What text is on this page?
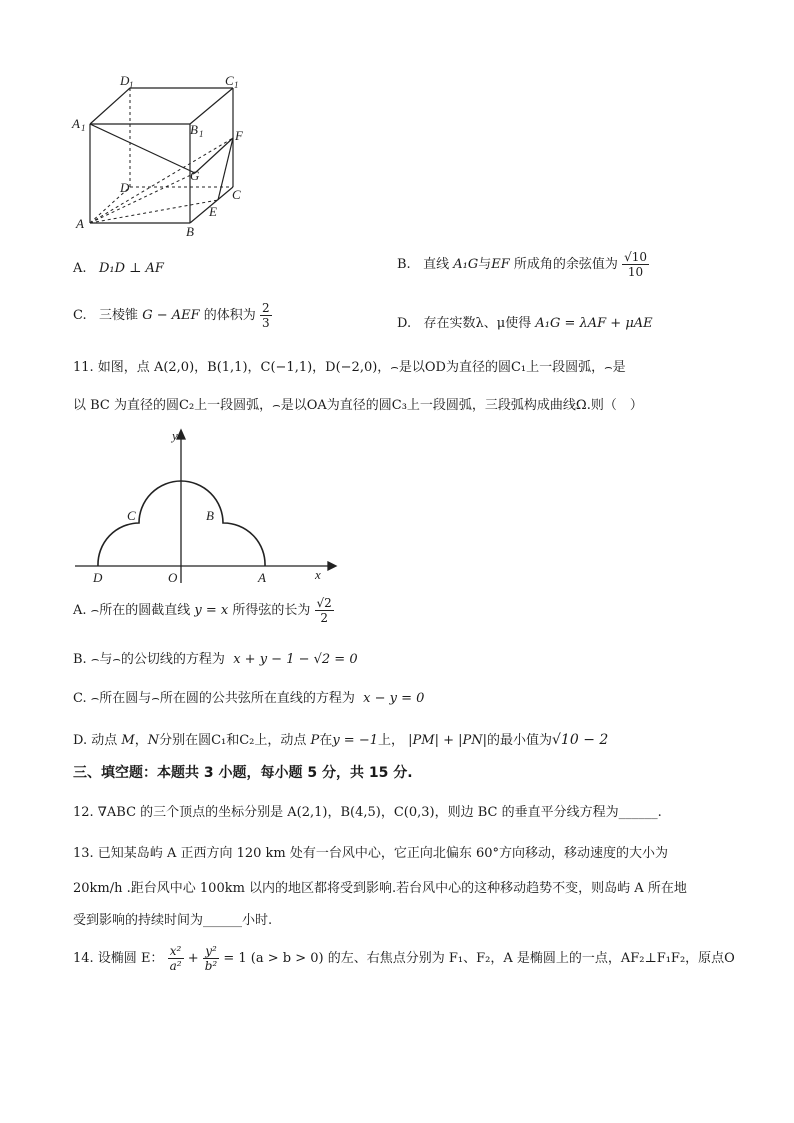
D 1	C 1
A 1	B 1 F
G
D	C
E
A
B
A. D₁D ⊥ AF	B. 直线 A₁G与EF 所成角的余弦值为 $\frac{√10}{10}$
C. 三棱锥 G − AEF 的体积为 $\frac{2}{3}$	D. 存在实数λ、μ使得 A₁G = λAF + μAE
11. 如图，点 A(2,0)，B(1,1)，C(−1,1)，D(−2,0)，⌢是以OD为直径的圆C₁上一段圆弧，⌢是
以 BC 为直径的圆C₂上一段圆弧，⌢是以OA为直径的圆C₃上一段圆弧，三段弧构成曲线Ω.则（　）
y
x
C	B
D	O	A
A. ⌢所在的圆截直线 y = x 所得弦的长为 $\frac{√2}{2}$
B. ⌢与⌢的公切线的方程为 x + y − 1 − √2 = 0
C. ⌢所在圆与⌢所在圆的公共弦所在直线的方程为 x − y = 0
D. 动点 M，N分别在圆C₁和C₂上，动点 P在y = −1上， |PM| + |PN|的最小值为√10 − 2
三、填空题：本题共 3 小题，每小题 5 分，共 15 分.
12. ∇ABC 的三个顶点的坐标分别是 A(2,1)，B(4,5)，C(0,3)，则边 BC 的垂直平分线方程为______.
13. 已知某岛屿 A 正西方向 120 km 处有一台风中心，它正向北偏东 60°方向移动，移动速度的大小为
20km/h .距台风中心 100km 以内的地区都将受到影响.若台风中心的这种移动趋势不变，则岛屿 A 所在地
受到影响的持续时间为______小时.
14. 设椭圆 E： $\frac{\text{x²}}{\text{a²}} + \frac{\text{y²}}{\text{b²}} = 1$ (a > b > 0) 的左、右焦点分别为 F₁、F₂，A 是椭圆上的一点，AF₂⊥F₁F₂，原点O
